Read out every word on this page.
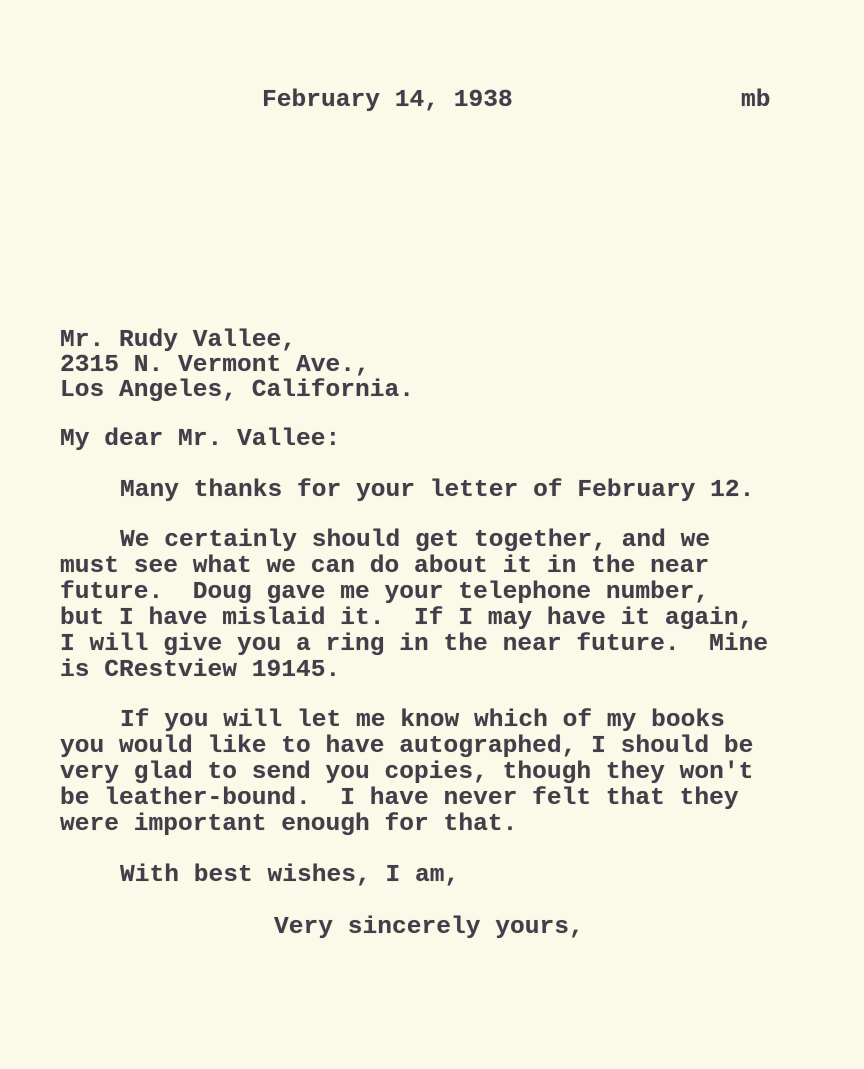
February 14, 1938	mb
Mr. Rudy Vallee,
2315 N. Vermont Ave.,
Los Angeles, California.
My dear Mr. Vallee:
Many thanks for your letter of February 12.
We certainly should get together, and we
must see what we can do about it in the near
future.  Doug gave me your telephone number,
but I have mislaid it.  If I may have it again,
I will give you a ring in the near future.  Mine
is CRestview 19145.
If you will let me know which of my books
you would like to have autographed, I should be
very glad to send you copies, though they won't
be leather-bound.  I have never felt that they
were important enough for that.
With best wishes, I am,
Very sincerely yours,
